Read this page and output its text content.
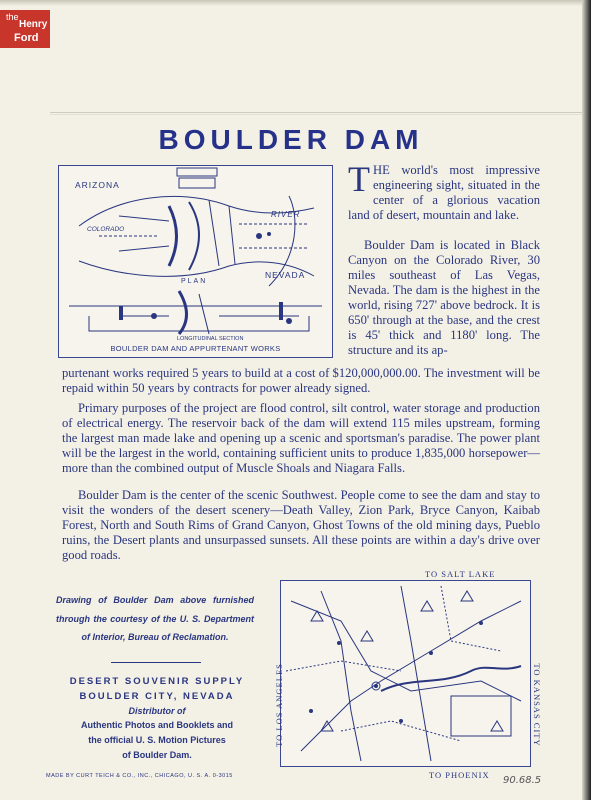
the
Henry
Ford
BOULDER DAM
ARIZONA
COLORADO
RIVER
NEVADA
PLAN
LONGITUDINAL SECTION
BOULDER DAM AND APPURTENANT WORKS

THE world's most impressive engineering sight, situated in the center of a glorious vacation land of desert, mountain and lake.

Boulder Dam is located in Black Canyon on the Colorado River, 30 miles southeast of Las Vegas, Nevada. The dam is the highest in the world, rising 727' above bedrock. It is 650' through at the base, and the crest is 45' thick and 1180' long. The structure and its ap-

purtenant works required 5 years to build at a cost of $120,000,000.00. The investment will be repaid within 50 years by contracts for power already signed.

Primary purposes of the project are flood control, silt control, water storage and production of electrical energy. The reservoir back of the dam will extend 115 miles upstream, forming the largest man made lake and opening up a scenic and sportsman's paradise. The power plant will be the largest in the world, containing sufficient units to produce 1,835,000 horsepower—more than the combined output of Muscle Shoals and Niagara Falls.

Boulder Dam is the center of the scenic Southwest. People come to see the dam and stay to visit the wonders of the desert scenery—Death Valley, Zion Park, Bryce Canyon, Kaibab Forest, North and South Rims of Grand Canyon, Ghost Towns of the old mining days, Pueblo ruins, the Desert plants and unsurpassed sunsets. All these points are within a day's drive over good roads.

Drawing of Boulder Dam above furnished through the courtesy of the U. S. Department of Interior, Bureau of Reclamation.
DESERT SOUVENIR SUPPLY
BOULDER CITY, NEVADA
Distributor of
Authentic Photos and Booklets and
the official U. S. Motion Pictures
of Boulder Dam.
TO SALT LAKE
TO LOS ANGELES	TO KANSAS CITY
TO PHOENIX
MADE BY CURT TEICH & CO., INC., CHICAGO, U. S. A. 0-3015	90.68.5
